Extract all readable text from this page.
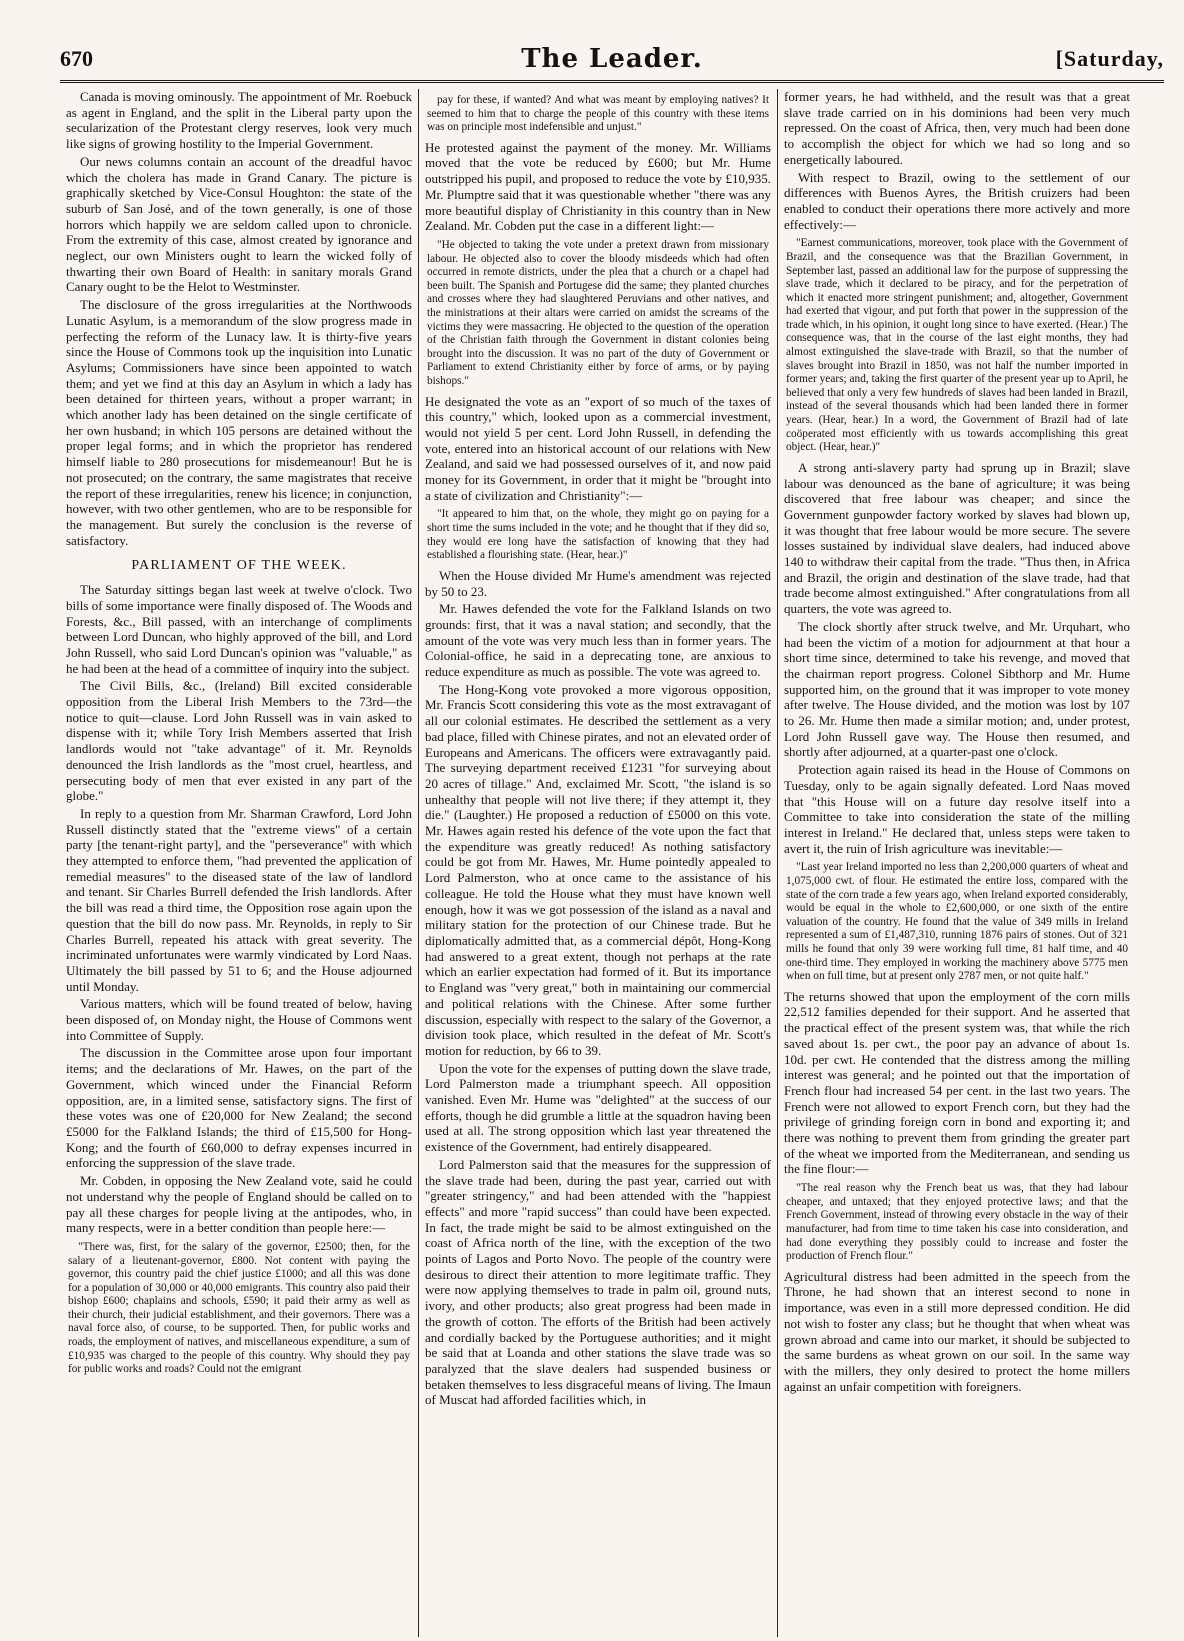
670	The Leader.	[Saturday,

Canada is moving ominously. The appointment of Mr. Roebuck as agent in England, and the split in the Liberal party upon the secularization of the Protestant clergy reserves, look very much like signs of growing hostility to the Imperial Government.

Our news columns contain an account of the dreadful havoc which the cholera has made in Grand Canary. The picture is graphically sketched by Vice-Consul Houghton: the state of the suburb of San José, and of the town generally, is one of those horrors which happily we are seldom called upon to chronicle. From the extremity of this case, almost created by ignorance and neglect, our own Ministers ought to learn the wicked folly of thwarting their own Board of Health: in sanitary morals Grand Canary ought to be the Helot to Westminster.

The disclosure of the gross irregularities at the Northwoods Lunatic Asylum, is a memorandum of the slow progress made in perfecting the reform of the Lunacy law. It is thirty-five years since the House of Commons took up the inquisition into Lunatic Asylums; Commissioners have since been appointed to watch them; and yet we find at this day an Asylum in which a lady has been detained for thirteen years, without a proper warrant; in which another lady has been detained on the single certificate of her own husband; in which 105 persons are detained without the proper legal forms; and in which the proprietor has rendered himself liable to 280 prosecutions for misdemeanour! But he is not prosecuted; on the contrary, the same magistrates that receive the report of these irregularities, renew his licence; in conjunction, however, with two other gentlemen, who are to be responsible for the management. But surely the conclusion is the reverse of satisfactory.

PARLIAMENT OF THE WEEK.

The Saturday sittings began last week at twelve o'clock. Two bills of some importance were finally disposed of. The Woods and Forests, &c., Bill passed, with an interchange of compliments between Lord Duncan, who highly approved of the bill, and Lord John Russell, who said Lord Duncan's opinion was "valuable," as he had been at the head of a committee of inquiry into the subject.

The Civil Bills, &c., (Ireland) Bill excited considerable opposition from the Liberal Irish Members to the 73rd—the notice to quit—clause. Lord John Russell was in vain asked to dispense with it; while Tory Irish Members asserted that Irish landlords would not "take advantage" of it. Mr. Reynolds denounced the Irish landlords as the "most cruel, heartless, and persecuting body of men that ever existed in any part of the globe."

In reply to a question from Mr. Sharman Crawford, Lord John Russell distinctly stated that the "extreme views" of a certain party [the tenant-right party], and the "perseverance" with which they attempted to enforce them, "had prevented the application of remedial measures" to the diseased state of the law of landlord and tenant. Sir Charles Burrell defended the Irish landlords. After the bill was read a third time, the Opposition rose again upon the question that the bill do now pass. Mr. Reynolds, in reply to Sir Charles Burrell, repeated his attack with great severity. The incriminated unfortunates were warmly vindicated by Lord Naas. Ultimately the bill passed by 51 to 6; and the House adjourned until Monday.

Various matters, which will be found treated of below, having been disposed of, on Monday night, the House of Commons went into Committee of Supply.

The discussion in the Committee arose upon four important items; and the declarations of Mr. Hawes, on the part of the Government, which winced under the Financial Reform opposition, are, in a limited sense, satisfactory signs. The first of these votes was one of £20,000 for New Zealand; the second £5000 for the Falkland Islands; the third of £15,500 for Hong-Kong; and the fourth of £60,000 to defray expenses incurred in enforcing the suppression of the slave trade.

Mr. Cobden, in opposing the New Zealand vote, said he could not understand why the people of England should be called on to pay all these charges for people living at the antipodes, who, in many respects, were in a better condition than people here:—

"There was, first, for the salary of the governor, £2500; then, for the salary of a lieutenant-governor, £800. Not content with paying the governor, this country paid the chief justice £1000; and all this was done for a population of 30,000 or 40,000 emigrants. This country also paid their bishop £600; chaplains and schools, £590; it paid their army as well as their church, their judicial establishment, and their governors. There was a naval force also, of course, to be supported. Then, for public works and roads, the employment of natives, and miscellaneous expenditure, a sum of £10,935 was charged to the people of this country. Why should they pay for public works and roads? Could not the emigrant
pay for these, if wanted? And what was meant by employing natives? It seemed to him that to charge the people of this country with these items was on principle most indefensible and unjust."

He protested against the payment of the money. Mr. Williams moved that the vote be reduced by £600; but Mr. Hume outstripped his pupil, and proposed to reduce the vote by £10,935. Mr. Plumptre said that it was questionable whether "there was any more beautiful display of Christianity in this country than in New Zealand. Mr. Cobden put the case in a different light:—

"He objected to taking the vote under a pretext drawn from missionary labour. He objected also to cover the bloody misdeeds which had often occurred in remote districts, under the plea that a church or a chapel had been built. The Spanish and Portugese did the same; they planted churches and crosses where they had slaughtered Peruvians and other natives, and the ministrations at their altars were carried on amidst the screams of the victims they were massacring. He objected to the question of the operation of the Christian faith through the Government in distant colonies being brought into the discussion. It was no part of the duty of Government or Parliament to extend Christianity either by force of arms, or by paying bishops."

He designated the vote as an "export of so much of the taxes of this country," which, looked upon as a commercial investment, would not yield 5 per cent. Lord John Russell, in defending the vote, entered into an historical account of our relations with New Zealand, and said we had possessed ourselves of it, and now paid money for its Government, in order that it might be "brought into a state of civilization and Christianity":—

"It appeared to him that, on the whole, they might go on paying for a short time the sums included in the vote; and he thought that if they did so, they would ere long have the satisfaction of knowing that they had established a flourishing state. (Hear, hear.)"

When the House divided Mr Hume's amendment was rejected by 50 to 23.

Mr. Hawes defended the vote for the Falkland Islands on two grounds: first, that it was a naval station; and secondly, that the amount of the vote was very much less than in former years. The Colonial-office, he said in a deprecating tone, are anxious to reduce expenditure as much as possible. The vote was agreed to.

The Hong-Kong vote provoked a more vigorous opposition, Mr. Francis Scott considering this vote as the most extravagant of all our colonial estimates. He described the settlement as a very bad place, filled with Chinese pirates, and not an elevated order of Europeans and Americans. The officers were extravagantly paid. The surveying department received £1231 "for surveying about 20 acres of tillage." And, exclaimed Mr. Scott, "the island is so unhealthy that people will not live there; if they attempt it, they die." (Laughter.) He proposed a reduction of £5000 on this vote. Mr. Hawes again rested his defence of the vote upon the fact that the expenditure was greatly reduced! As nothing satisfactory could be got from Mr. Hawes, Mr. Hume pointedly appealed to Lord Palmerston, who at once came to the assistance of his colleague. He told the House what they must have known well enough, how it was we got possession of the island as a naval and military station for the protection of our Chinese trade. But he diplomatically admitted that, as a commercial dépôt, Hong-Kong had answered to a great extent, though not perhaps at the rate which an earlier expectation had formed of it. But its importance to England was "very great," both in maintaining our commercial and political relations with the Chinese. After some further discussion, especially with respect to the salary of the Governor, a division took place, which resulted in the defeat of Mr. Scott's motion for reduction, by 66 to 39.

Upon the vote for the expenses of putting down the slave trade, Lord Palmerston made a triumphant speech. All opposition vanished. Even Mr. Hume was "delighted" at the success of our efforts, though he did grumble a little at the squadron having been used at all. The strong opposition which last year threatened the existence of the Government, had entirely disappeared.

Lord Palmerston said that the measures for the suppression of the slave trade had been, during the past year, carried out with "greater stringency," and had been attended with the "happiest effects" and more "rapid success" than could have been expected. In fact, the trade might be said to be almost extinguished on the coast of Africa north of the line, with the exception of the two points of Lagos and Porto Novo. The people of the country were desirous to direct their attention to more legitimate traffic. They were now applying themselves to trade in palm oil, ground nuts, ivory, and other products; also great progress had been made in the growth of cotton. The efforts of the British had been actively and cordially backed by the Portuguese authorities; and it might be said that at Loanda and other stations the slave trade was so paralyzed that the slave dealers had suspended business or betaken themselves to less disgraceful means of living. The Imaun of Muscat had afforded facilities which, in

former years, he had withheld, and the result was that a great slave trade carried on in his dominions had been very much repressed. On the coast of Africa, then, very much had been done to accomplish the object for which we had so long and so energetically laboured.

With respect to Brazil, owing to the settlement of our differences with Buenos Ayres, the British cruizers had been enabled to conduct their operations there more actively and more effectively:—

"Earnest communications, moreover, took place with the Government of Brazil, and the consequence was that the Brazilian Government, in September last, passed an additional law for the purpose of suppressing the slave trade, which it declared to be piracy, and for the perpetration of which it enacted more stringent punishment; and, altogether, Government had exerted that vigour, and put forth that power in the suppression of the trade which, in his opinion, it ought long since to have exerted. (Hear.) The consequence was, that in the course of the last eight months, they had almost extinguished the slave-trade with Brazil, so that the number of slaves brought into Brazil in 1850, was not half the number imported in former years; and, taking the first quarter of the present year up to April, he believed that only a very few hundreds of slaves had been landed in Brazil, instead of the several thousands which had been landed there in former years. (Hear, hear.) In a word, the Government of Brazil had of late coöperated most efficiently with us towards accomplishing this great object. (Hear, hear.)"

A strong anti-slavery party had sprung up in Brazil; slave labour was denounced as the bane of agriculture; it was being discovered that free labour was cheaper; and since the Government gunpowder factory worked by slaves had blown up, it was thought that free labour would be more secure. The severe losses sustained by individual slave dealers, had induced above 140 to withdraw their capital from the trade. "Thus then, in Africa and Brazil, the origin and destination of the slave trade, had that trade become almost extinguished." After congratulations from all quarters, the vote was agreed to.

The clock shortly after struck twelve, and Mr. Urquhart, who had been the victim of a motion for adjournment at that hour a short time since, determined to take his revenge, and moved that the chairman report progress. Colonel Sibthorp and Mr. Hume supported him, on the ground that it was improper to vote money after twelve. The House divided, and the motion was lost by 107 to 26. Mr. Hume then made a similar motion; and, under protest, Lord John Russell gave way. The House then resumed, and shortly after adjourned, at a quarter-past one o'clock.

Protection again raised its head in the House of Commons on Tuesday, only to be again signally defeated. Lord Naas moved that "this House will on a future day resolve itself into a Committee to take into consideration the state of the milling interest in Ireland." He declared that, unless steps were taken to avert it, the ruin of Irish agriculture was inevitable:—

"Last year Ireland imported no less than 2,200,000 quarters of wheat and 1,075,000 cwt. of flour. He estimated the entire loss, compared with the state of the corn trade a few years ago, when Ireland exported considerably, would be equal in the whole to £2,600,000, or one sixth of the entire valuation of the country. He found that the value of 349 mills in Ireland represented a sum of £1,487,310, running 1876 pairs of stones. Out of 321 mills he found that only 39 were working full time, 81 half time, and 40 one-third time. They employed in working the machinery above 5775 men when on full time, but at present only 2787 men, or not quite half."

The returns showed that upon the employment of the corn mills 22,512 families depended for their support. And he asserted that the practical effect of the present system was, that while the rich saved about 1s. per cwt., the poor pay an advance of about 1s. 10d. per cwt. He contended that the distress among the milling interest was general; and he pointed out that the importation of French flour had increased 54 per cent. in the last two years. The French were not allowed to export French corn, but they had the privilege of grinding foreign corn in bond and exporting it; and there was nothing to prevent them from grinding the greater part of the wheat we imported from the Mediterranean, and sending us the fine flour:—

"The real reason why the French beat us was, that they had labour cheaper, and untaxed; that they enjoyed protective laws; and that the French Government, instead of throwing every obstacle in the way of their manufacturer, had from time to time taken his case into consideration, and had done everything they possibly could to increase and foster the production of French flour."

Agricultural distress had been admitted in the speech from the Throne, he had shown that an interest second to none in importance, was even in a still more depressed condition. He did not wish to foster any class; but he thought that when wheat was grown abroad and came into our market, it should be subjected to the same burdens as wheat grown on our soil. In the same way with the millers, they only desired to protect the home millers against an unfair competition with foreigners.
